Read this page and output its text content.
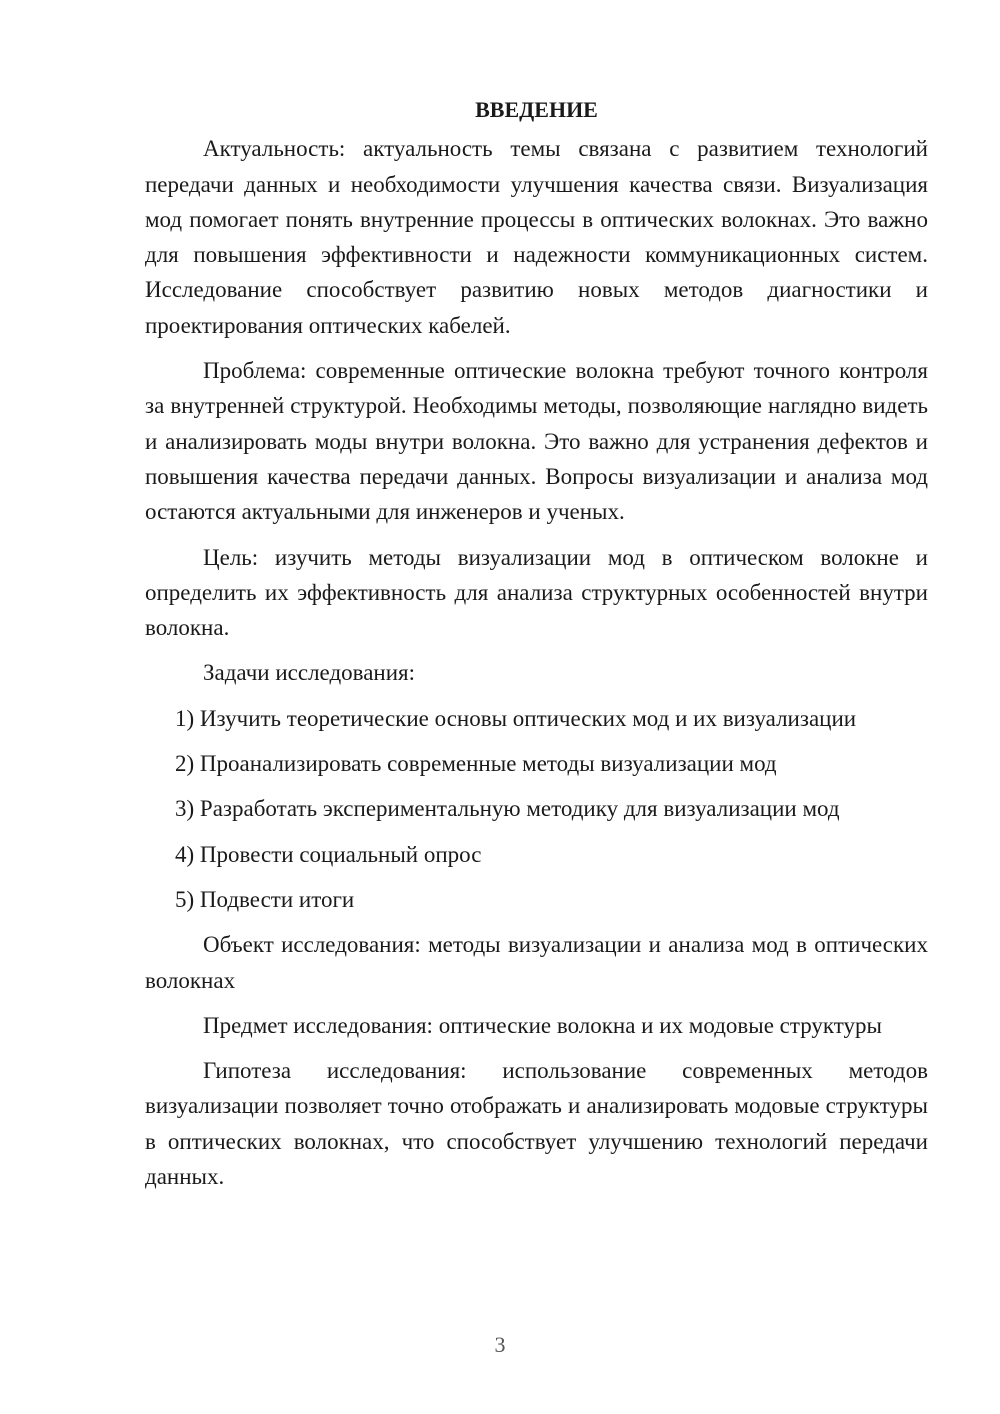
ВВЕДЕНИЕ

Актуальность: актуальность темы связана с развитием технологий передачи данных и необходимости улучшения качества связи. Визуализация мод помогает понять внутренние процессы в оптических волокнах. Это важно для повышения эффективности и надежности коммуникационных систем. Исследование способствует развитию новых методов диагностики и проектирования оптических кабелей.

Проблема: современные оптические волокна требуют точного контроля за внутренней структурой. Необходимы методы, позволяющие наглядно видеть и анализировать моды внутри волокна. Это важно для устранения дефектов и повышения качества передачи данных. Вопросы визуализации и анализа мод остаются актуальными для инженеров и ученых.

Цель: изучить методы визуализации мод в оптическом волокне и определить их эффективность для анализа структурных особенностей внутри волокна.

Задачи исследования:

1) Изучить теоретические основы оптических мод и их визуализации

2) Проанализировать современные методы визуализации мод

3) Разработать экспериментальную методику для визуализации мод

4) Провести социальный опрос

5) Подвести итоги

Объект исследования: методы визуализации и анализа мод в оптических волокнах

Предмет исследования: оптические волокна и их модовые структуры

Гипотеза исследования: использование современных методов визуализации позволяет точно отображать и анализировать модовые структуры в оптических волокнах, что способствует улучшению технологий передачи данных.

3
